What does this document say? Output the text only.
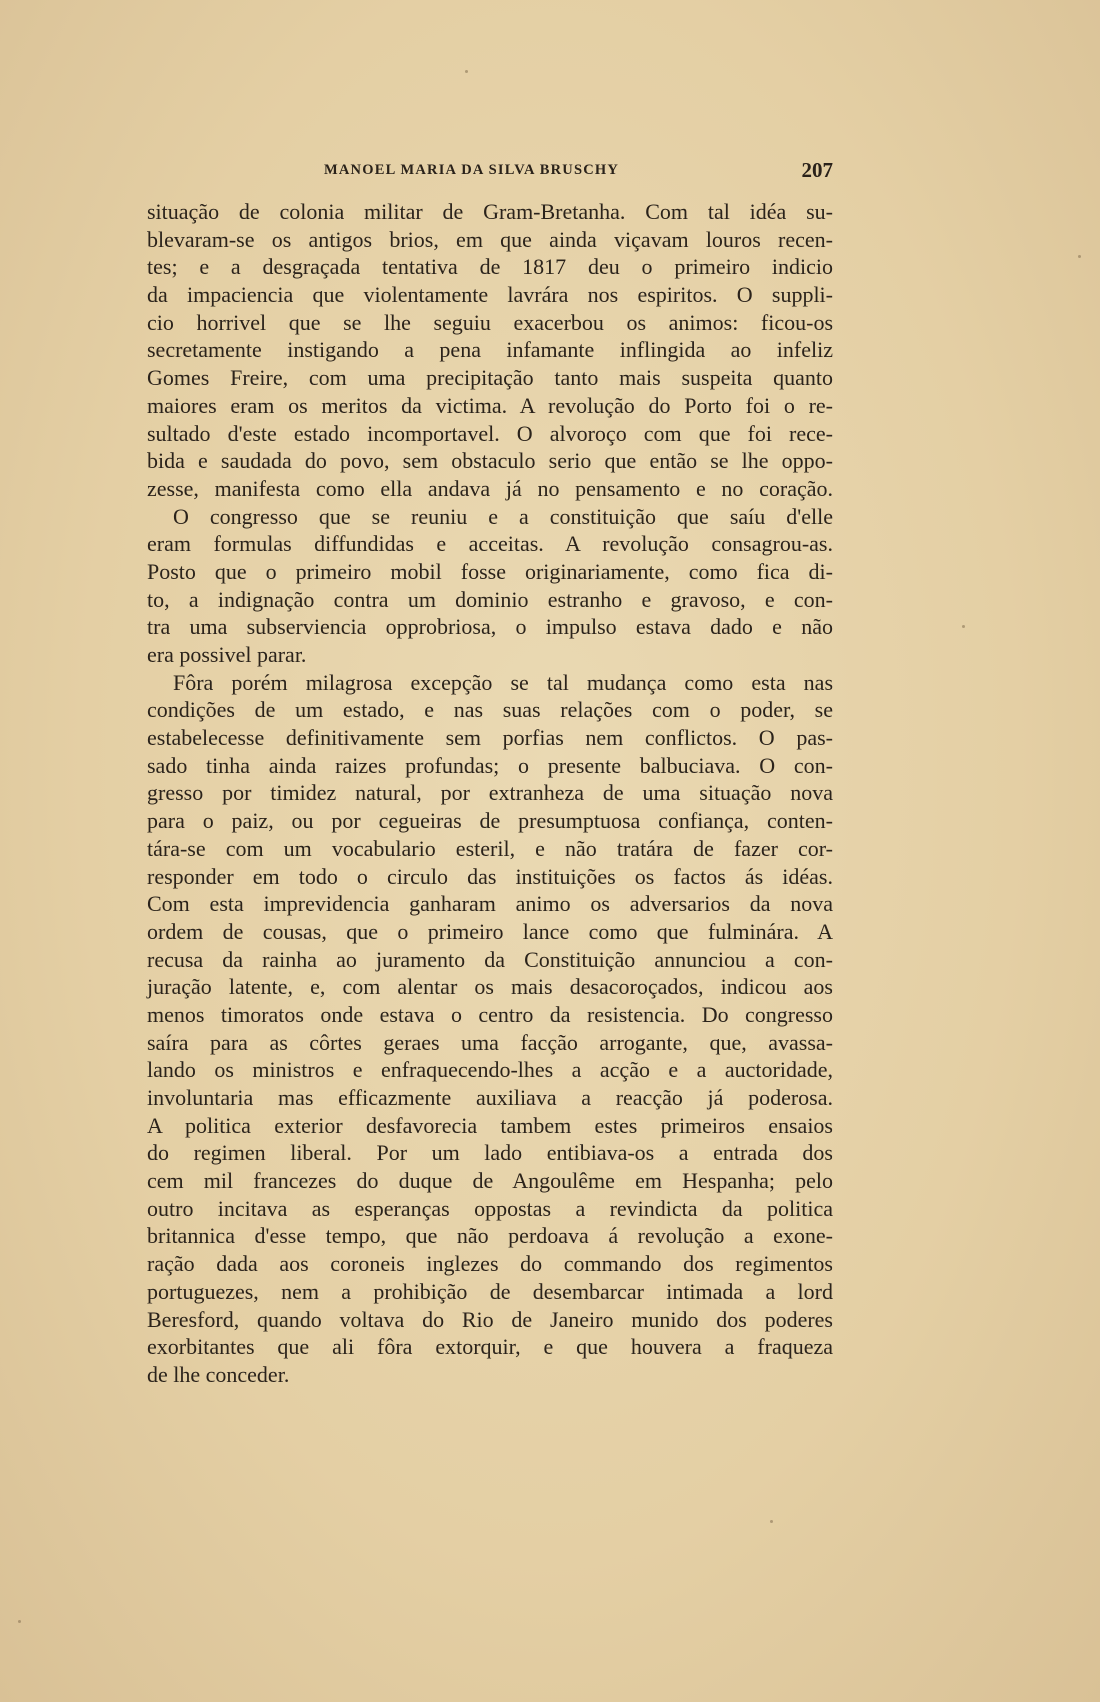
MANOEL MARIA DA SILVA BRUSCHY	207
situação de colonia militar de Gram-Bretanha. Com tal idéa su-
blevaram-se os antigos brios, em que ainda viçavam louros recen-
tes; e a desgraçada tentativa de 1817 deu o primeiro indicio
da impaciencia que violentamente lavrára nos espiritos. O suppli-
cio horrivel que se lhe seguiu exacerbou os animos: ficou-os
secretamente instigando a pena infamante inflingida ao infeliz
Gomes Freire, com uma precipitação tanto mais suspeita quanto
maiores eram os meritos da victima. A revolução do Porto foi o re-
sultado d'este estado incomportavel. O alvoroço com que foi rece-
bida e saudada do povo, sem obstaculo serio que então se lhe oppo-
zesse, manifesta como ella andava já no pensamento e no coração.
O congresso que se reuniu e a constituição que saíu d'elle
eram formulas diffundidas e acceitas. A revolução consagrou-as.
Posto que o primeiro mobil fosse originariamente, como fica di-
to, a indignação contra um dominio estranho e gravoso, e con-
tra uma subserviencia opprobriosa, o impulso estava dado e não
era possivel parar.
Fôra porém milagrosa excepção se tal mudança como esta nas
condições de um estado, e nas suas relações com o poder, se
estabelecesse definitivamente sem porfias nem conflictos. O pas-
sado tinha ainda raizes profundas; o presente balbuciava. O con-
gresso por timidez natural, por extranheza de uma situação nova
para o paiz, ou por cegueiras de presumptuosa confiança, conten-
tára-se com um vocabulario esteril, e não tratára de fazer cor-
responder em todo o circulo das instituições os factos ás idéas.
Com esta imprevidencia ganharam animo os adversarios da nova
ordem de cousas, que o primeiro lance como que fulminára. A
recusa da rainha ao juramento da Constituição annunciou a con-
juração latente, e, com alentar os mais desacoroçados, indicou aos
menos timoratos onde estava o centro da resistencia. Do congresso
saíra para as côrtes geraes uma facção arrogante, que, avassa-
lando os ministros e enfraquecendo-lhes a acção e a auctoridade,
involuntaria mas efficazmente auxiliava a reacção já poderosa.
A politica exterior desfavorecia tambem estes primeiros ensaios
do regimen liberal. Por um lado entibiava-os a entrada dos
cem mil francezes do duque de Angoulême em Hespanha; pelo
outro incitava as esperanças oppostas a revindicta da politica
britannica d'esse tempo, que não perdoava á revolução a exone-
ração dada aos coroneis inglezes do commando dos regimentos
portuguezes, nem a prohibição de desembarcar intimada a lord
Beresford, quando voltava do Rio de Janeiro munido dos poderes
exorbitantes que ali fôra extorquir, e que houvera a fraqueza
de lhe conceder.
